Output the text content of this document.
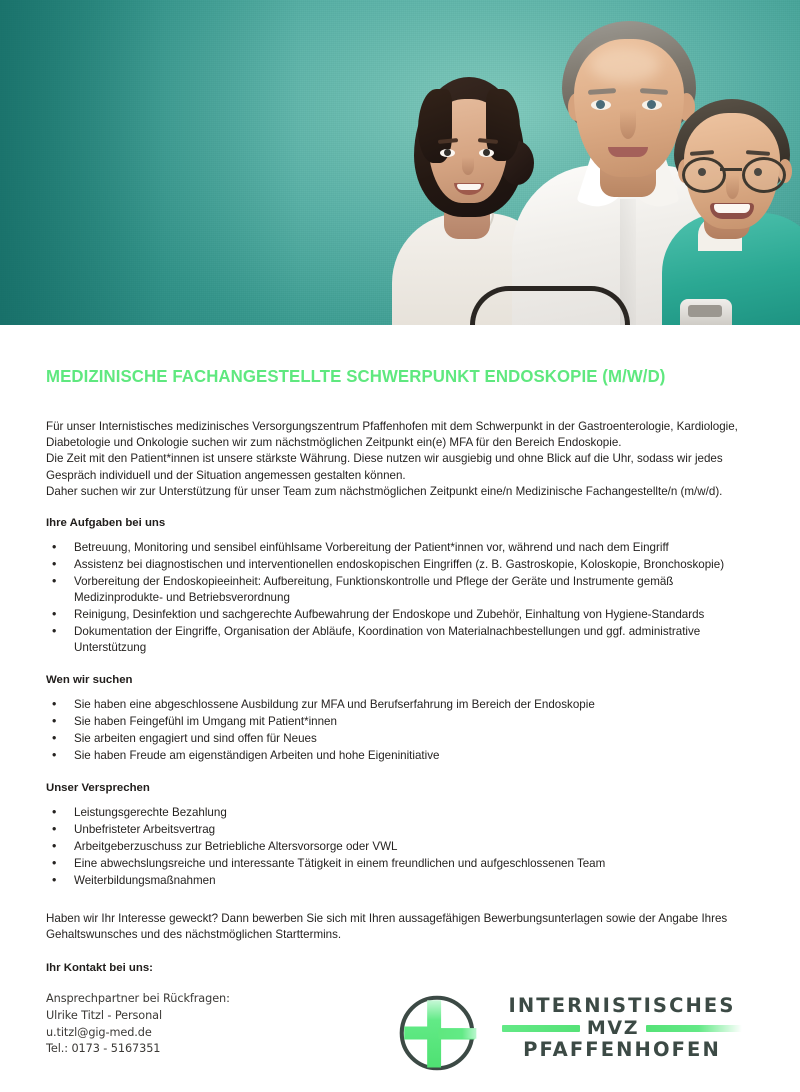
MEDIZINISCHE FACHANGESTELLTE SCHWERPUNKT ENDOSKOPIE (M/W/D)

Für unser Internistisches medizinisches Versorgungszentrum Pfaffenhofen mit dem Schwerpunkt in der Gastroenterologie, Kardiologie, Diabetologie und Onkologie suchen wir zum nächstmöglichen Zeitpunkt ein(e) MFA für den Bereich Endoskopie.
Die Zeit mit den Patient*innen ist unsere stärkste Währung. Diese nutzen wir ausgiebig und ohne Blick auf die Uhr, sodass wir jedes Gespräch individuell und der Situation angemessen gestalten können.
Daher suchen wir zur Unterstützung für unser Team zum nächstmöglichen Zeitpunkt eine/n Medizinische Fachangestellte/n (m/w/d).

Ihre Aufgaben bei uns
• Betreuung, Monitoring und sensibel einfühlsame Vorbereitung der Patient*innen vor, während und nach dem Eingriff
• Assistenz bei diagnostischen und interventionellen endoskopischen Eingriffen (z. B. Gastroskopie, Koloskopie, Bronchoskopie)
• Vorbereitung der Endoskopieeinheit: Aufbereitung, Funktionskontrolle und Pflege der Geräte und Instrumente gemäß Medizinprodukte- und Betriebsverordnung
• Reinigung, Desinfektion und sachgerechte Aufbewahrung der Endoskope und Zubehör, Einhaltung von Hygiene-Standards
• Dokumentation der Eingriffe, Organisation der Abläufe, Koordination von Materialnachbestellungen und ggf. administrative Unterstützung
Wen wir suchen
• Sie haben eine abgeschlossene Ausbildung zur MFA und Berufserfahrung im Bereich der Endoskopie
• Sie haben Feingefühl im Umgang mit Patient*innen
• Sie arbeiten engagiert und sind offen für Neues
• Sie haben Freude am eigenständigen Arbeiten und hohe Eigeninitiative
Unser Versprechen
• Leistungsgerechte Bezahlung
• Unbefristeter Arbeitsvertrag
• Arbeitgeberzuschuss zur Betriebliche Altersvorsorge oder VWL
• Eine abwechslungsreiche und interessante Tätigkeit in einem freundlichen und aufgeschlossenen Team
• Weiterbildungsmaßnahmen

Haben wir Ihr Interesse geweckt? Dann bewerben Sie sich mit Ihren aussagefähigen Bewerbungsunterlagen sowie der Angabe Ihres Gehaltswunsches und des nächstmöglichen Starttermins.

Ihr Kontakt bei uns:
Ansprechpartner bei Rückfragen:
Ulrike Titzl - Personal
u.titzl@gig-med.de
Tel.: 0173 - 5167351
INTERNISTISCHES
MVZ
PFAFFENHOFEN
